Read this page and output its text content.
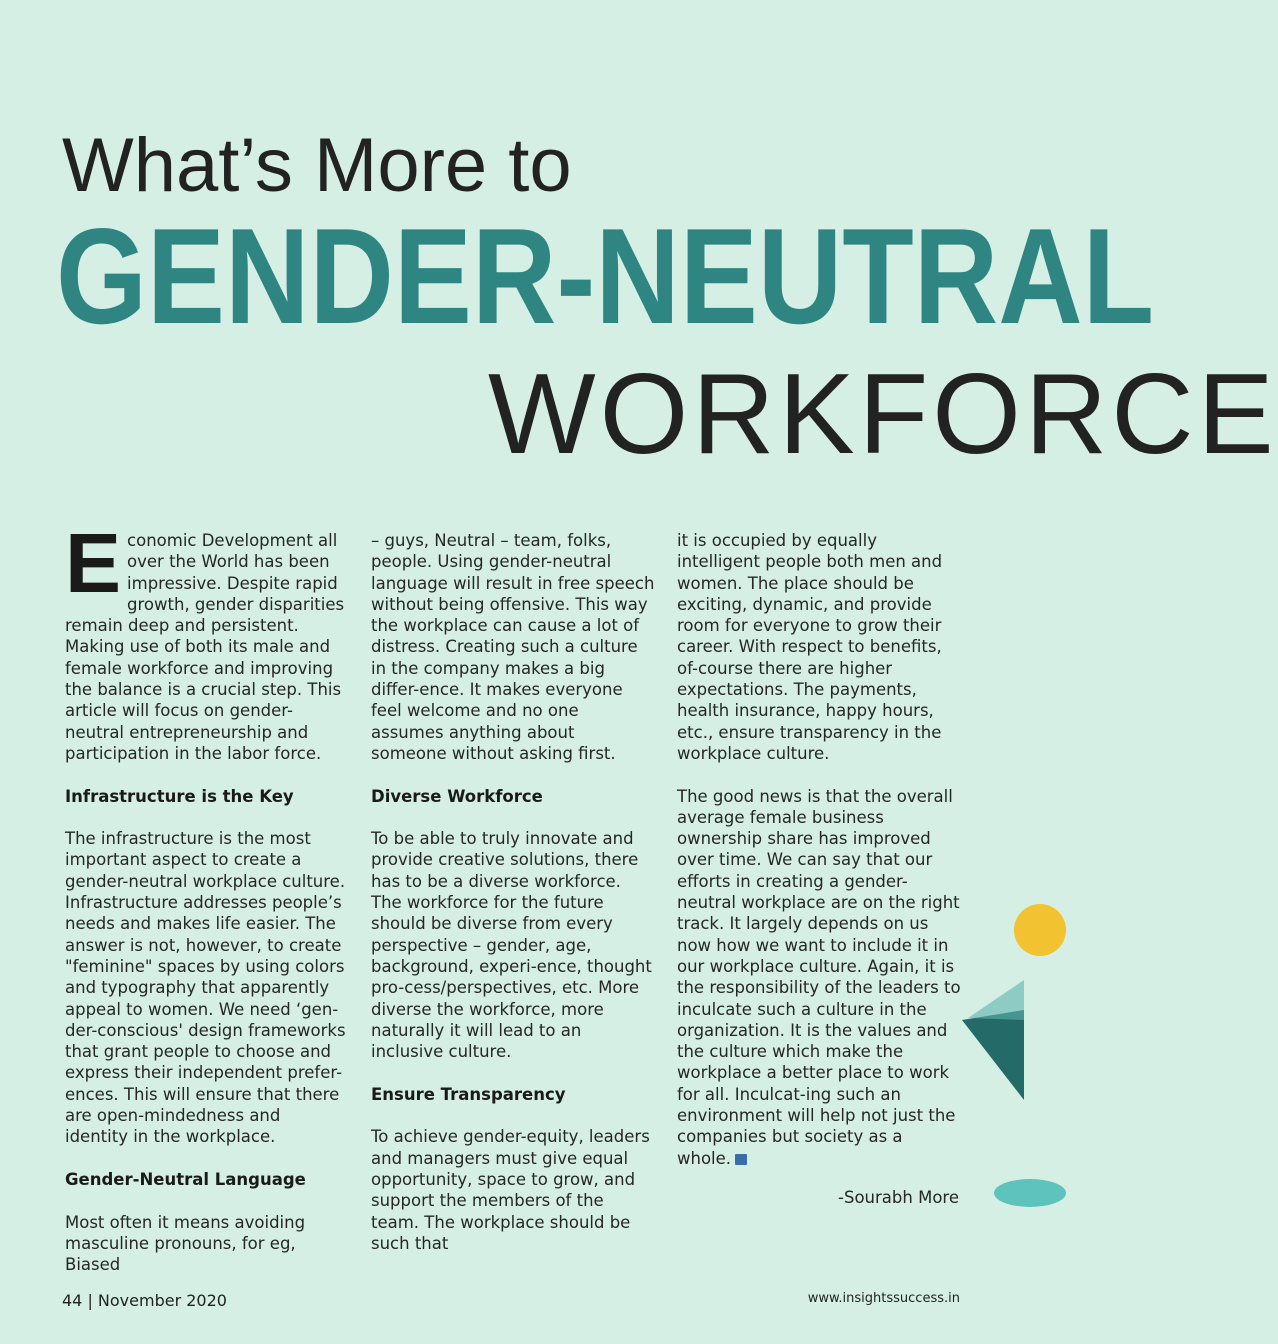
What’s More to
GENDER-NEUTRAL
WORKFORCE

Economic Development all over the World has been impressive. Despite rapid growth, gender disparities remain deep and persistent. Making use of both its male and female workforce and improving the balance is a crucial step. This article will focus on gender-neutral entrepreneurship and participation in the labor force.

Infrastructure is the Key

The infrastructure is the most important aspect to create a gender-neutral workplace culture. Infrastructure addresses people’s needs and makes life easier. The answer is not, however, to create "feminine" spaces by using colors and typography that apparently appeal to women. We need ‘gen-der-conscious' design frameworks that grant people to choose and express their independent prefer-ences. This will ensure that there are open-mindedness and identity in the workplace.

Gender-Neutral Language

Most often it means avoiding masculine pronouns, for eg, Biased

– guys, Neutral – team, folks, people. Using gender-neutral language will result in free speech without being offensive. This way the workplace can cause a lot of distress. Creating such a culture in the company makes a big differ-ence. It makes everyone feel welcome and no one assumes anything about someone without asking first.

Diverse Workforce

To be able to truly innovate and provide creative solutions, there has to be a diverse workforce. The workforce for the future should be diverse from every perspective – gender, age, background, experi-ence, thought pro-cess/perspectives, etc. More diverse the workforce, more naturally it will lead to an inclusive culture.

Ensure Transparency

To achieve gender-equity, leaders and managers must give equal opportunity, space to grow, and support the members of the team. The workplace should be such that

it is occupied by equally intelligent people both men and women. The place should be exciting, dynamic, and provide room for everyone to grow their career. With respect to benefits, of-course there are higher expectations. The payments, health insurance, happy hours, etc., ensure transparency in the workplace culture.

The good news is that the overall average female business ownership share has improved over time. We can say that our efforts in creating a gender-neutral workplace are on the right track. It largely depends on us now how we want to include it in our workplace culture. Again, it is the responsibility of the leaders to inculcate such a culture in the organization. It is the values and the culture which make the workplace a better place to work for all. Inculcat-ing such an environment will help not just the companies but society as a whole.

-Sourabh More
44 | November 2020	www.insightssuccess.in
